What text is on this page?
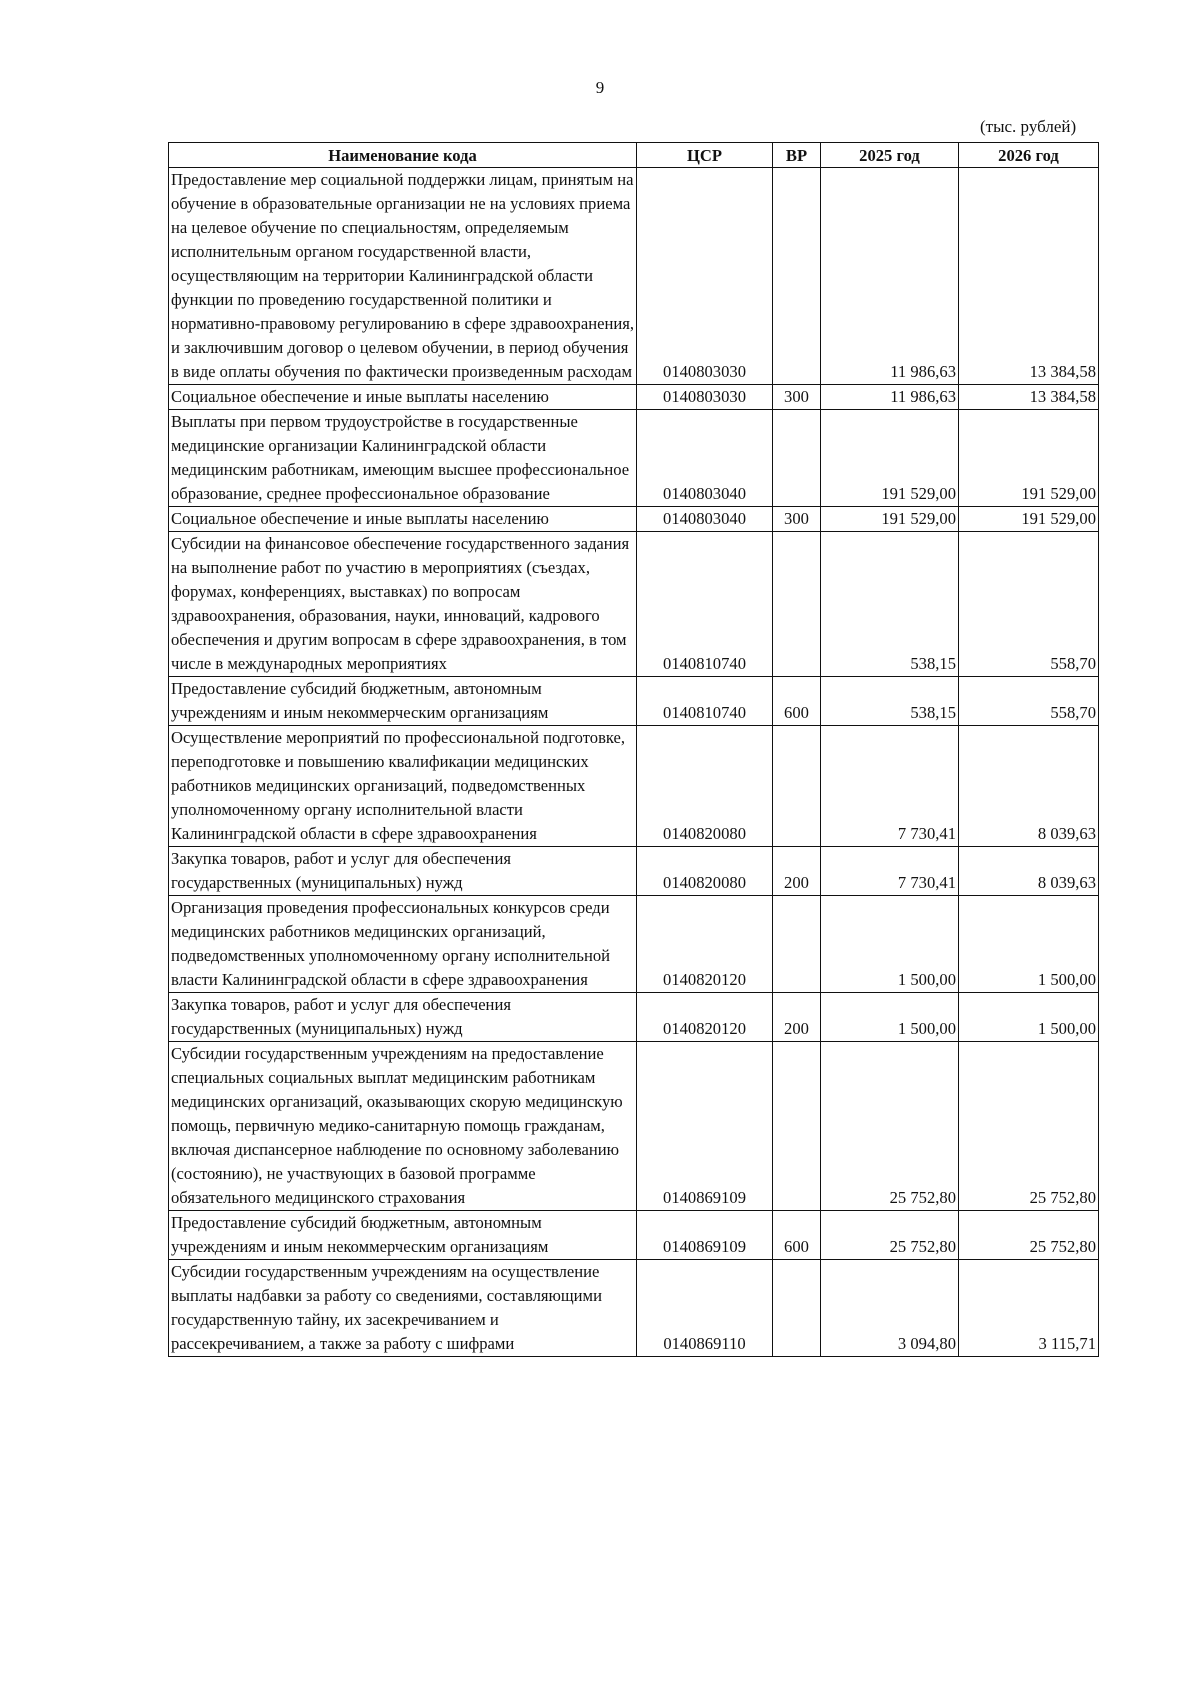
9
(тыс. рублей)
Наименование кода	ЦСР	ВР	2025 год	2026 год
Предоставление мер социальной поддержки лицам, принятым на обучение в образовательные организации не на условиях приема на целевое обучение по специальностям, определяемым исполнительным органом государственной власти, осуществляющим на территории Калининградской области функции по проведению государственной политики и нормативно-правовому регулированию в сфере здравоохранения, и заключившим договор о целевом обучении, в период обучения в виде оплаты обучения по фактически произведенным расходам	0140803030		11 986,63	13 384,58
Социальное обеспечение и иные выплаты населению	0140803030	300	11 986,63	13 384,58
Выплаты при первом трудоустройстве в государственные медицинские организации Калининградской области медицинским работникам, имеющим высшее профессиональное образование, среднее профессиональное образование	0140803040		191 529,00	191 529,00
Социальное обеспечение и иные выплаты населению	0140803040	300	191 529,00	191 529,00
Субсидии на финансовое обеспечение государственного задания на выполнение работ по участию в мероприятиях (съездах, форумах, конференциях, выставках) по вопросам здравоохранения, образования, науки, инноваций, кадрового обеспечения и другим вопросам в сфере здравоохранения, в том числе в международных мероприятиях	0140810740		538,15	558,70
Предоставление субсидий бюджетным, автономным учреждениям и иным некоммерческим организациям	0140810740	600	538,15	558,70
Осуществление мероприятий по профессиональной подготовке, переподготовке и повышению квалификации медицинских работников медицинских организаций, подведомственных уполномоченному органу исполнительной власти Калининградской области в сфере здравоохранения	0140820080		7 730,41	8 039,63
Закупка товаров, работ и услуг для обеспечения государственных (муниципальных) нужд	0140820080	200	7 730,41	8 039,63
Организация проведения профессиональных конкурсов среди медицинских работников медицинских организаций, подведомственных уполномоченному органу исполнительной власти Калининградской области в сфере здравоохранения	0140820120		1 500,00	1 500,00
Закупка товаров, работ и услуг для обеспечения государственных (муниципальных) нужд	0140820120	200	1 500,00	1 500,00
Субсидии государственным учреждениям на предоставление специальных социальных выплат медицинским работникам медицинских организаций, оказывающих скорую медицинскую помощь, первичную медико-санитарную помощь гражданам, включая диспансерное наблюдение по основному заболеванию (состоянию), не участвующих в базовой программе обязательного медицинского страхования	0140869109		25 752,80	25 752,80
Предоставление субсидий бюджетным, автономным учреждениям и иным некоммерческим организациям	0140869109	600	25 752,80	25 752,80
Субсидии государственным учреждениям на осуществление выплаты надбавки за работу со сведениями, составляющими государственную тайну, их засекречиванием и рассекречиванием, а также за работу с шифрами	0140869110		3 094,80	3 115,71
